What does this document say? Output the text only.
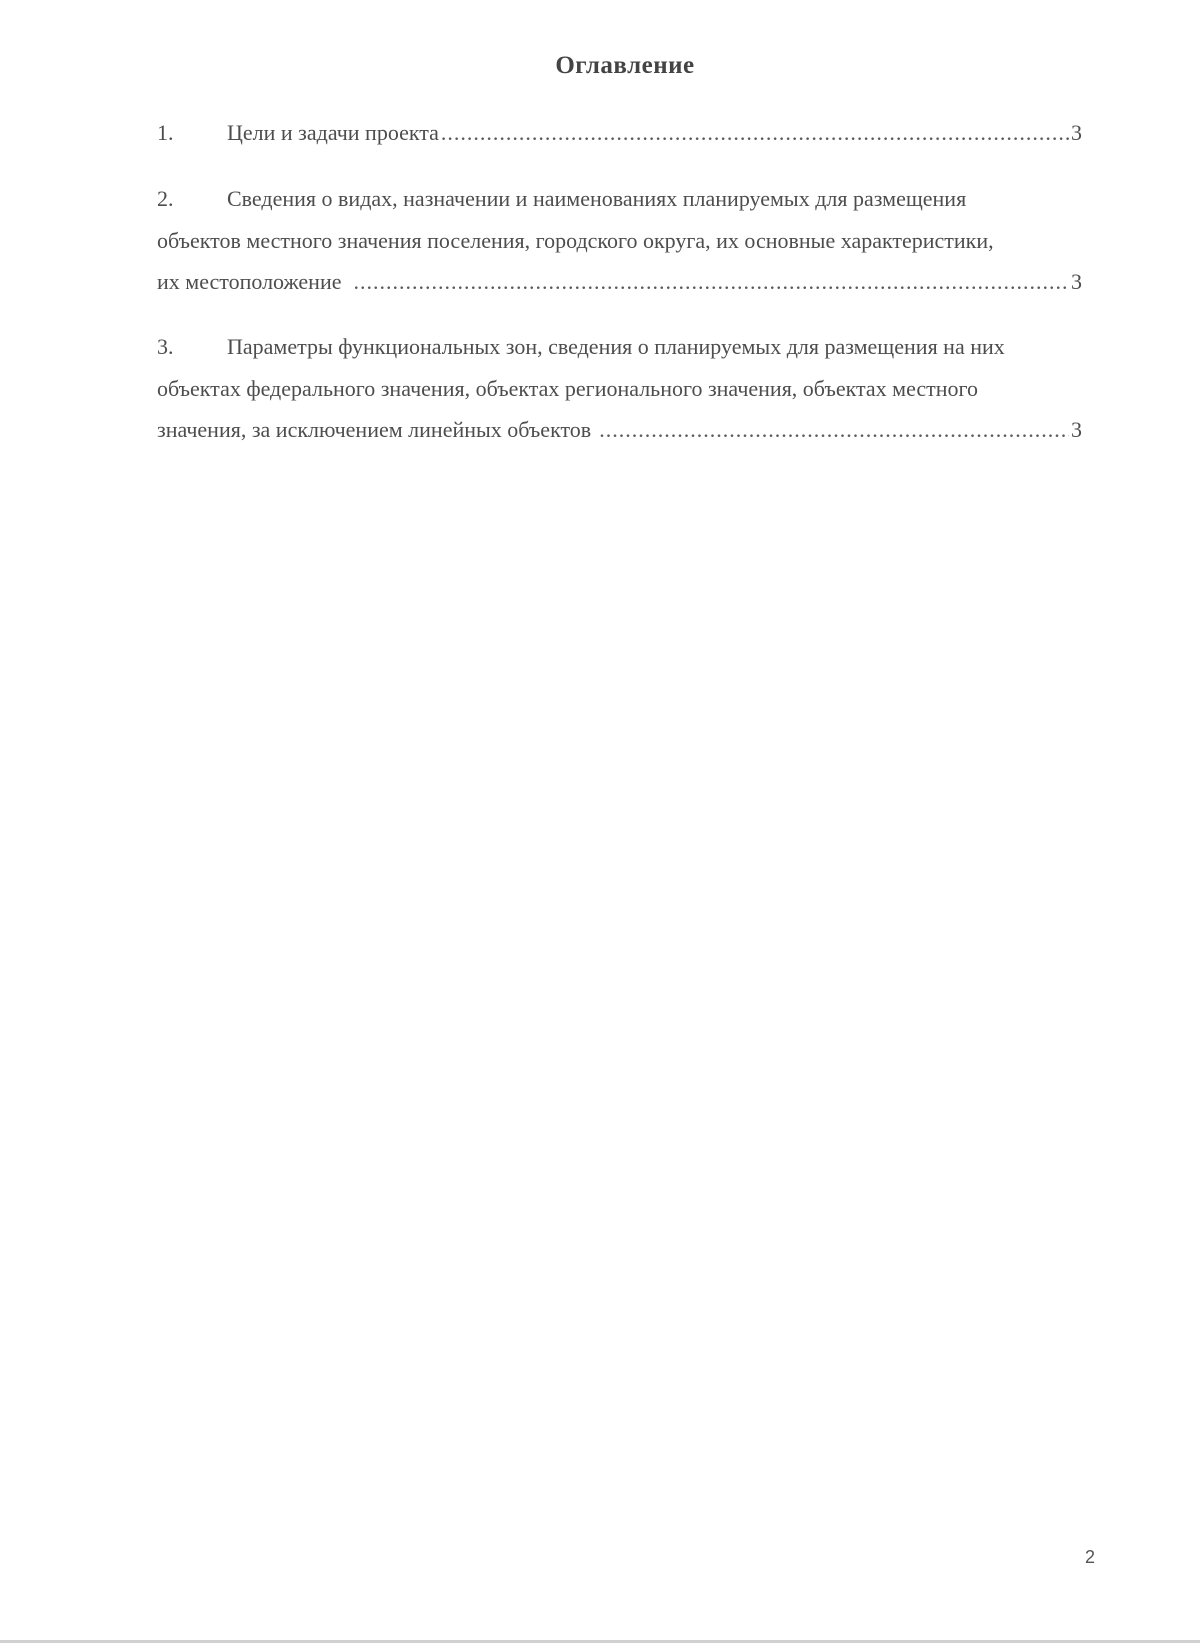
Оглавление
1. Цели и задачи проекта .....	3
2. Сведения о видах, назначении и наименованиях планируемых для размещения
объектов местного значения поселения, городского округа, их основные характеристики,
их местоположение .....	3
3. Параметры функциональных зон, сведения о планируемых для размещения на них
объектах федерального значения, объектах регионального значения, объектах местного
значения, за исключением линейных объектов .....	3
2
